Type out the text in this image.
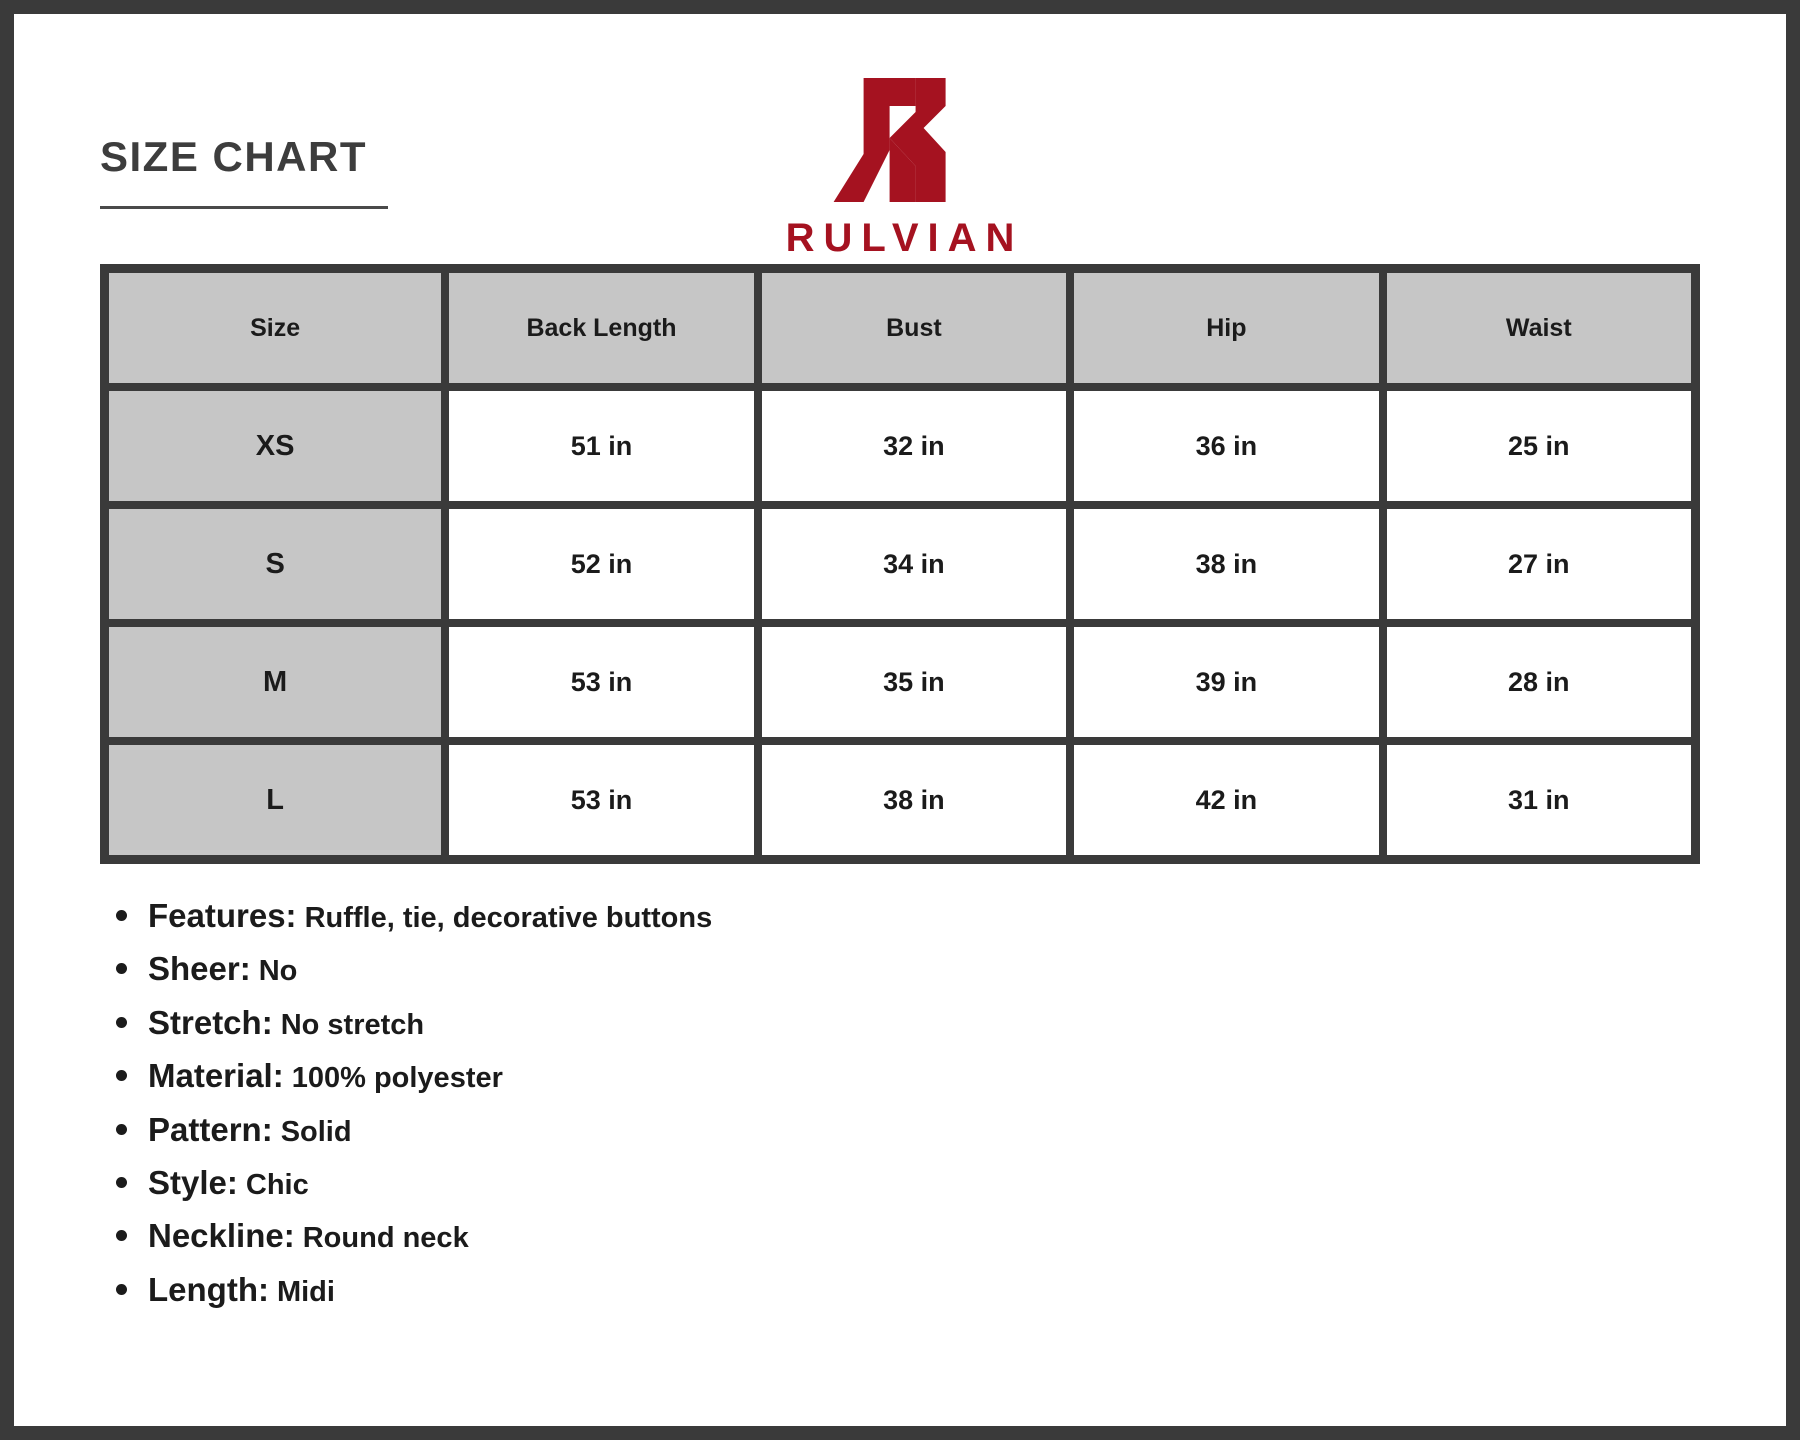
SIZE CHART
RULVIAN
Size	Back Length	Bust	Hip	Waist
XS	51 in	32 in	36 in	25 in
S	52 in	34 in	38 in	27 in
M	53 in	35 in	39 in	28 in
L	53 in	38 in	42 in	31 in
Features: Ruffle, tie, decorative buttons
Sheer: No
Stretch: No stretch
Material: 100% polyester
Pattern: Solid
Style: Chic
Neckline: Round neck
Length: Midi
